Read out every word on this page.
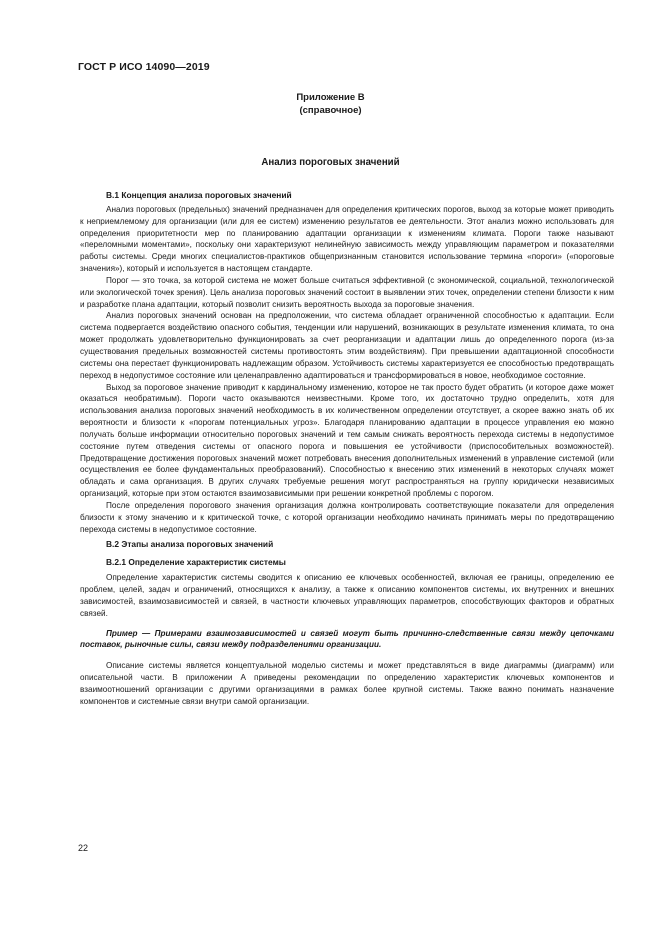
ГОСТ Р ИСО 14090—2019
Приложение В
(справочное)
Анализ пороговых значений
В.1 Концепция анализа пороговых значений

Анализ пороговых (предельных) значений предназначен для определения критических порогов, выход за которые может приводить к неприемлемому для организации (или для ее систем) изменению результатов ее деятельности. Этот анализ можно использовать для определения приоритетности мер по планированию адаптации организации к изменениям климата. Пороги также называют «переломными моментами», поскольку они характеризуют нелинейную зависимость между управляющим параметром и показателями работы системы. Среди многих специалистов-практиков общепризнанным становится использование термина «пороги» («пороговые значения»), который и используется в настоящем стандарте.

Порог — это точка, за которой система не может больше считаться эффективной (с экономической, социальной, технологической или экологической точек зрения). Цель анализа пороговых значений состоит в выявлении этих точек, определении степени близости к ним и разработке плана адаптации, который позволит снизить вероятность выхода за пороговые значения.

Анализ пороговых значений основан на предположении, что система обладает ограниченной способностью к адаптации. Если система подвергается воздействию опасного события, тенденции или нарушений, возникающих в результате изменения климата, то она может продолжать удовлетворительно функционировать за счет реорганизации и адаптации лишь до определенного порога (из-за существования предельных возможностей системы противостоять этим воздействиям). При превышении адаптационной способности системы она перестает функционировать надлежащим образом. Устойчивость системы характеризуется ее способностью предотвращать переход в недопустимое состояние или целенаправленно адаптироваться и трансформироваться в новое, необходимое состояние.

Выход за пороговое значение приводит к кардинальному изменению, которое не так просто будет обратить (и которое даже может оказаться необратимым). Пороги часто оказываются неизвестными. Кроме того, их достаточно трудно определить, хотя для использования анализа пороговых значений необходимость в их количественном определении отсутствует, а скорее важно знать об их вероятности и близости к «порогам потенциальных угроз». Благодаря планированию адаптации в процессе управления ею можно получать больше информации относительно пороговых значений и тем самым снижать вероятность перехода системы в недопустимое состояние путем отведения системы от опасного порога и повышения ее устойчивости (приспособительных возможностей). Предотвращение достижения пороговых значений может потребовать внесения дополнительных изменений в управление системой (или осуществления ее более фундаментальных преобразований). Способностью к внесению этих изменений в некоторых случаях может обладать и сама организация. В других случаях требуемые решения могут распространяться на группу юридически независимых организаций, которые при этом остаются взаимозависимыми при решении конкретной проблемы с порогом.

После определения порогового значения организация должна контролировать соответствующие показатели для определения близости к этому значению и к критической точке, с которой организации необходимо начинать принимать меры по предотвращению перехода системы в недопустимое состояние.

В.2 Этапы анализа пороговых значений
В.2.1 Определение характеристик системы

Определение характеристик системы сводится к описанию ее ключевых особенностей, включая ее границы, определению ее проблем, целей, задач и ограничений, относящихся к анализу, а также к описанию компонентов системы, их внутренних и внешних зависимостей, взаимозависимостей и связей, в частности ключевых управляющих параметров, способствующих факторов и обратных связей.

Пример — Примерами взаимозависимостей и связей могут быть причинно-следственные связи между цепочками поставок, рыночные силы, связи между подразделениями организации.

Описание системы является концептуальной моделью системы и может представляться в виде диаграммы (диаграмм) или описательной части. В приложении А приведены рекомендации по определению характеристик ключевых компонентов и взаимоотношений организации с другими организациями в рамках более крупной системы. Также важно понимать назначение компонентов и системные связи внутри самой организации.

22
